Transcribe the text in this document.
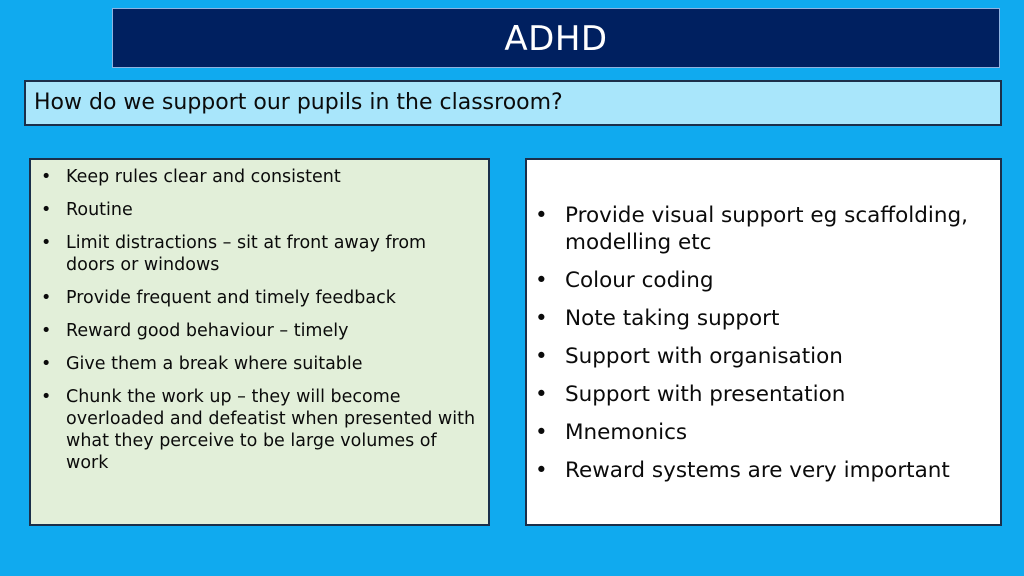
ADHD
How do we support our pupils in the classroom?
• Keep rules clear and consistent
• Routine
• Limit distractions – sit at front away from doors or windows
• Provide frequent and timely feedback
• Reward good behaviour – timely
• Give them a break where suitable
• Chunk the work up – they will become overloaded and defeatist when presented with what they perceive to be large volumes of work
• Provide visual support eg scaffolding, modelling etc
• Colour coding
• Note taking support
• Support with organisation
• Support with presentation
• Mnemonics
• Reward systems are very important
